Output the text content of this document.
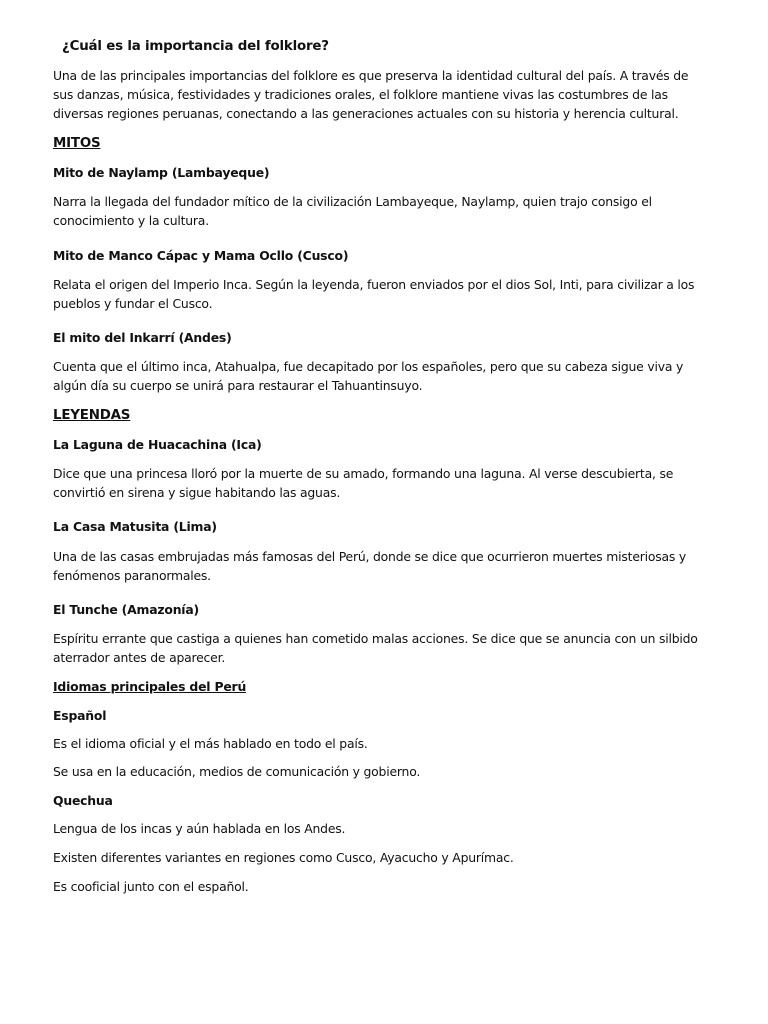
¿Cuál es la importancia del folklore?
Una de las principales importancias del folklore es que preserva la identidad cultural del país. A través de
sus danzas, música, festividades y tradiciones orales, el folklore mantiene vivas las costumbres de las
diversas regiones peruanas, conectando a las generaciones actuales con su historia y herencia cultural.
MITOS
Mito de Naylamp (Lambayeque)
Narra la llegada del fundador mítico de la civilización Lambayeque, Naylamp, quien trajo consigo el
conocimiento y la cultura.
Mito de Manco Cápac y Mama Ocllo (Cusco)
Relata el origen del Imperio Inca. Según la leyenda, fueron enviados por el dios Sol, Inti, para civilizar a los
pueblos y fundar el Cusco.
El mito del Inkarrí (Andes)
Cuenta que el último inca, Atahualpa, fue decapitado por los españoles, pero que su cabeza sigue viva y
algún día su cuerpo se unirá para restaurar el Tahuantinsuyo.
LEYENDAS
La Laguna de Huacachina (Ica)
Dice que una princesa lloró por la muerte de su amado, formando una laguna. Al verse descubierta, se
convirtió en sirena y sigue habitando las aguas.
La Casa Matusita (Lima)
Una de las casas embrujadas más famosas del Perú, donde se dice que ocurrieron muertes misteriosas y
fenómenos paranormales.
El Tunche (Amazonía)
Espíritu errante que castiga a quienes han cometido malas acciones. Se dice que se anuncia con un silbido
aterrador antes de aparecer.
Idiomas principales del Perú
Español
Es el idioma oficial y el más hablado en todo el país.
Se usa en la educación, medios de comunicación y gobierno.
Quechua
Lengua de los incas y aún hablada en los Andes.
Existen diferentes variantes en regiones como Cusco, Ayacucho y Apurímac.
Es cooficial junto con el español.
